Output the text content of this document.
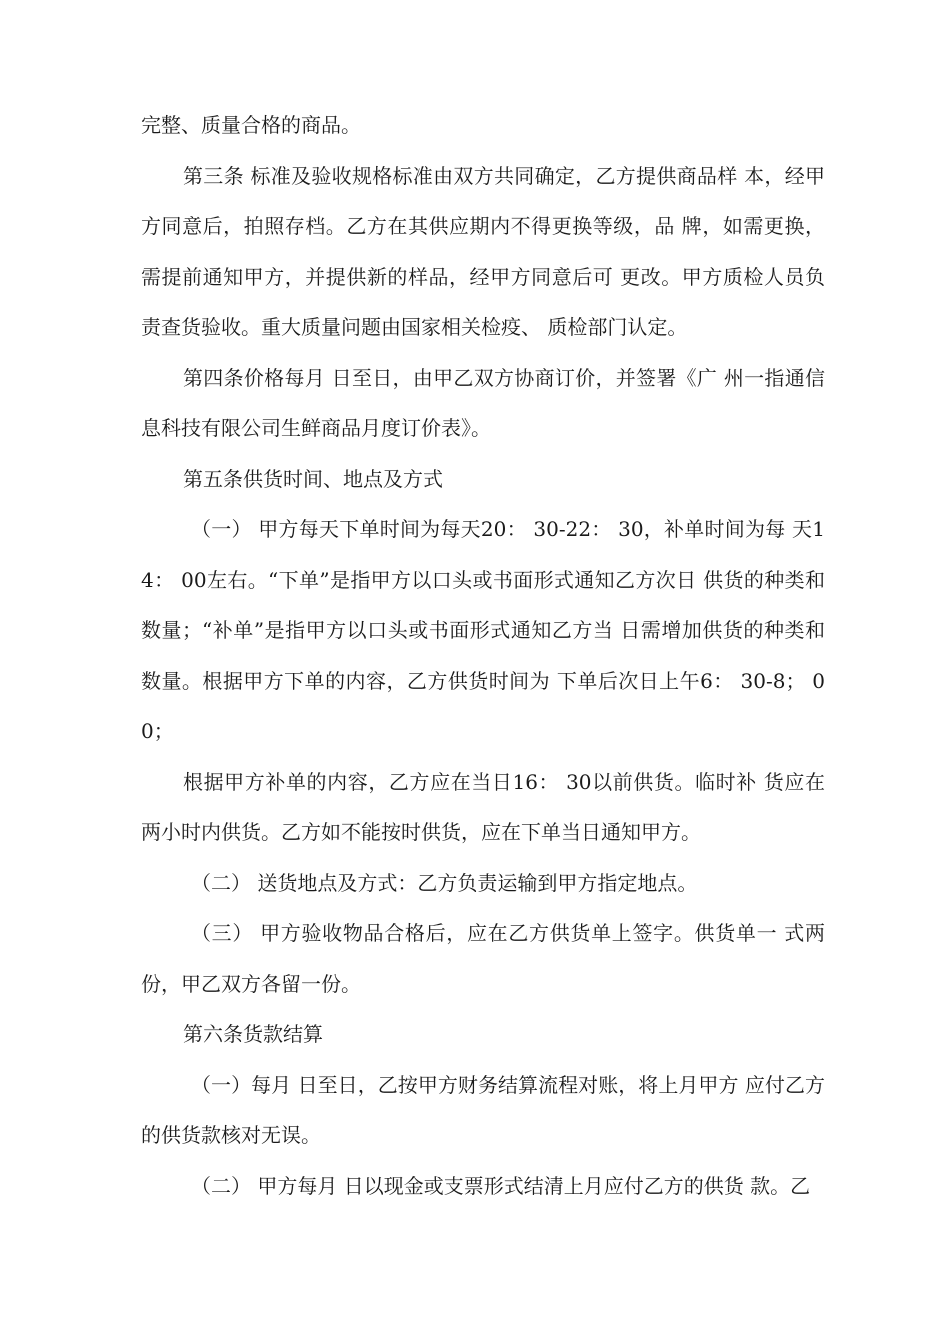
完整、质量合格的商品。

第三条 标准及验收规格标准由双方共同确定，乙方提供商品样 本，经甲方同意后，拍照存档。乙方在其供应期内不得更换等级，品 牌，如需更换，需提前通知甲方，并提供新的样品，经甲方同意后可 更改。甲方质检人员负责查货验收。重大质量问题由国家相关检疫、 质检部门认定。

第四条价格每月 日至日，由甲乙双方协商订价，并签署《广 州一指通信息科技有限公司生鲜商品月度订价表》。

第五条供货时间、地点及方式

（一） 甲方每天下单时间为每天20： 30-22： 30，补单时间为每 天14： 00左右。“下单”是指甲方以口头或书面形式通知乙方次日 供货的种类和数量；“补单”是指甲方以口头或书面形式通知乙方当 日需增加供货的种类和数量。根据甲方下单的内容，乙方供货时间为 下单后次日上午6： 30-8； 00；

根据甲方补单的内容，乙方应在当日16： 30以前供货。临时补 货应在两小时内供货。乙方如不能按时供货，应在下单当日通知甲方。

（二） 送货地点及方式：乙方负责运输到甲方指定地点。

（三） 甲方验收物品合格后，应在乙方供货单上签字。供货单一 式两份，甲乙双方各留一份。

第六条货款结算

（一）每月 日至日，乙按甲方财务结算流程对账，将上月甲方 应付乙方的供货款核对无误。

（二） 甲方每月 日以现金或支票形式结清上月应付乙方的供货 款。乙
